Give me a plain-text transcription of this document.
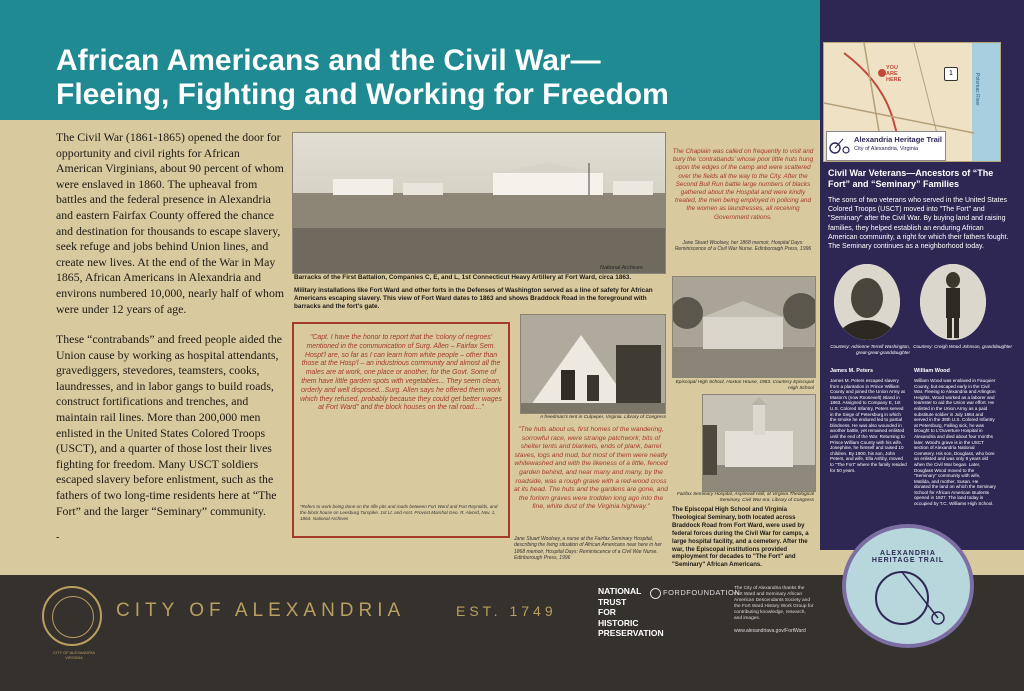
African Americans and the Civil War—
Fleeing, Fighting and Working for Freedom
The Civil War (1861-1865) opened the door for opportunity and civil rights for African American Virginians, about 90 percent of whom were enslaved in 1860. The upheaval from battles and the federal presence in Alexandria and eastern Fairfax County offered the chance and destination for thousands to escape slavery, seek refuge and jobs behind Union lines, and create new lives. At the end of the War in May 1865, African Americans in Alexandria and environs numbered 10,000, nearly half of whom were under 12 years of age.
These “contrabands” and freed people aided the Union cause by working as hospital attendants, gravediggers, stevedores, teamsters, cooks, laundresses, and in labor gangs to build roads, construct fortifications and trenches, and maintain rail lines. More than 200,000 men enlisted in the United States Colored Troops (USCT), and a quarter of those lost their lives fighting for freedom. Many USCT soldiers escaped slavery before enlistment, such as the fathers of two long-time residents here at “The Fort” and the larger “Seminary” community.
-
National Archives
Barracks of the First Battalion, Companies C, E, and L, 1st Connecticut Heavy Artillery at Fort Ward, circa 1863.
Military installations like Fort Ward and other forts in the Defenses of Washington served as a line of safety for African Americans escaping slavery. This view of Fort Ward dates to 1863 and shows Braddock Road in the foreground with barracks and the fort's gate.
The Chaplain was called on frequently to visit and bury the 'contrabands' whose poor little huts hung upon the edges of the camp and were scattered over the fields all the way to the City. After the Second Bull Run battle large numbers of blacks gathered about the Hospital and were kindly treated, the men being employed in policing and the women as laundresses, all receiving Government rations.
Jane Stuart Woolsey, her 1868 memoir, Hospital Days: Reminiscence of a Civil War Nurse. Edinborough Press, 1996
"Capt. I have the honor to report that the 'colony of negroes' mentioned in the communication of Surg. Allen – Fairfax Sem. Hospt'l are, so far as I can learn from white people – other than those at the Hosp'l – an industrious community and almost all the males are at work, one place or another, for the Govt. Some of them have little garden spots with vegetables... They seem clean, orderly and well disposed...Surg. Allen says he offered them work which they refused, probably because they could get better wages at Fort Ward" and the block houses on the rail road...."
"Refers to work being done on the rifle pits and roads between Fort Ward and Fort Reynolds, and the block house on Leesburg Turnpike. 1st Lt. and Asst. Provost Marshal Geo. R. Alvord, Nov. 1, 1864. National Archives
A freedman's tent in Culpeper, Virginia. Library of Congress
"The huts about us, first homes of the wandering, sorrowful race, were strange patchwork; bits of shelter tents and blankets, ends of plank, barrel staves, logs and mud, but most of them were neatly whitewashed and with the likeness of a little, fenced garden behind, and near many and many, by the roadside, was a rough grave with a red-wood cross at its head. The huts and the gardens are gone, and the forlorn graves were trodden long ago into the fine, white dust of the Virginia highway."
Jane Stuart Woolsey, a nurse at the Fairfax Seminary Hospital, describing the living situation of African Americans near here in her 1868 memoir, Hospital Days: Reminiscence of a Civil War Nurse. Edinborough Press, 1996
Episcopal High School, Hoxton House, 1983. Courtesy Episcopal High School
Fairfax Seminary Hospital, Aspinwall Hall, at Virginia Theological Seminary, Civil War era. Library of Congress
The Episcopal High School and Virginia Theological Seminary, both located across Braddock Road from Fort Ward, were used by federal forces during the Civil War for camps, a large hospital facility, and a cemetery. After the war, the Episcopal institutions provided employment for decades to "The Fort" and "Seminary" African Americans.
YOU ARE HERE	Potomac River
1
Alexandria Heritage Trail
City of Alexandria, Virginia
Civil War Veterans—Ancestors of “The Fort” and “Seminary” Families
The sons of two veterans who served in the United States Colored Troops (USCT) moved into "The Fort" and "Seminary" after the Civil War. By buying land and raising families, they helped establish an enduring African American community, a right for which their fathers fought. The Seminary continues as a neighborhood today.
Courtesy: Adrienne Terrell Washington, great-great-granddaughter
Courtesy: Creigh Wood Johnson, granddaughter
James M. Peters
James M. Peters escaped slavery from a plantation in Prince William County and joined the Union Army at Mason's (now Roosevelt) Island in 1863. Assigned to Company E, 1st U.S. Colored Infantry, Peters served in the Siege of Petersburg in which the smoke he endured led to partial blindness. He was also wounded in another battle, yet remained enlisted until the end of the War. Returning to Prince William County with his wife, Josephine, he himself and raised 10 children. By 1900, his son, John Peters, and wife, Ella Ashby, moved to "The Fort" where the family resided for 50 years.
William Wood
William Wood was enslaved in Fauquier County, but escaped early in the Civil War. Fleeing to Alexandria and Arlington Heights, Wood worked as a laborer and teamster to aid the Union war effort. He enlisted in the Union Army as a paid substitute soldier in July 1864 and served in the 39th U.S. Colored Infantry at Petersburg, Falling sick, he was brought to L'Ouverture Hospital in Alexandria and died about four months later. Wood's grave is in the USCT section of Alexandria National Cemetery. His son, Douglass, who bore an enlisted and was only 8 years old when the Civil War began. Later, Douglass Wood moved to the "Seminary" community with wife, Matilda, and mother, Susan. He donated the land on which the Seminary School for African American students opened in 1927. The land today is occupied by T.C. Williams High School.
CITY OF ALEXANDRIA VIRGINIA
CITY OF ALEXANDRIA	EST. 1749
NATIONAL
TRUST
FOR
HISTORIC
PRESERVATION
FORDFOUNDATION
The City of Alexandria thanks the Fort Ward and Seminary African American Descendants Society and the Fort Ward History Work Group for contributing knowledge, research, and images.
www.alexandriava.gov/FortWard
ALEXANDRIA HERITAGE TRAIL
